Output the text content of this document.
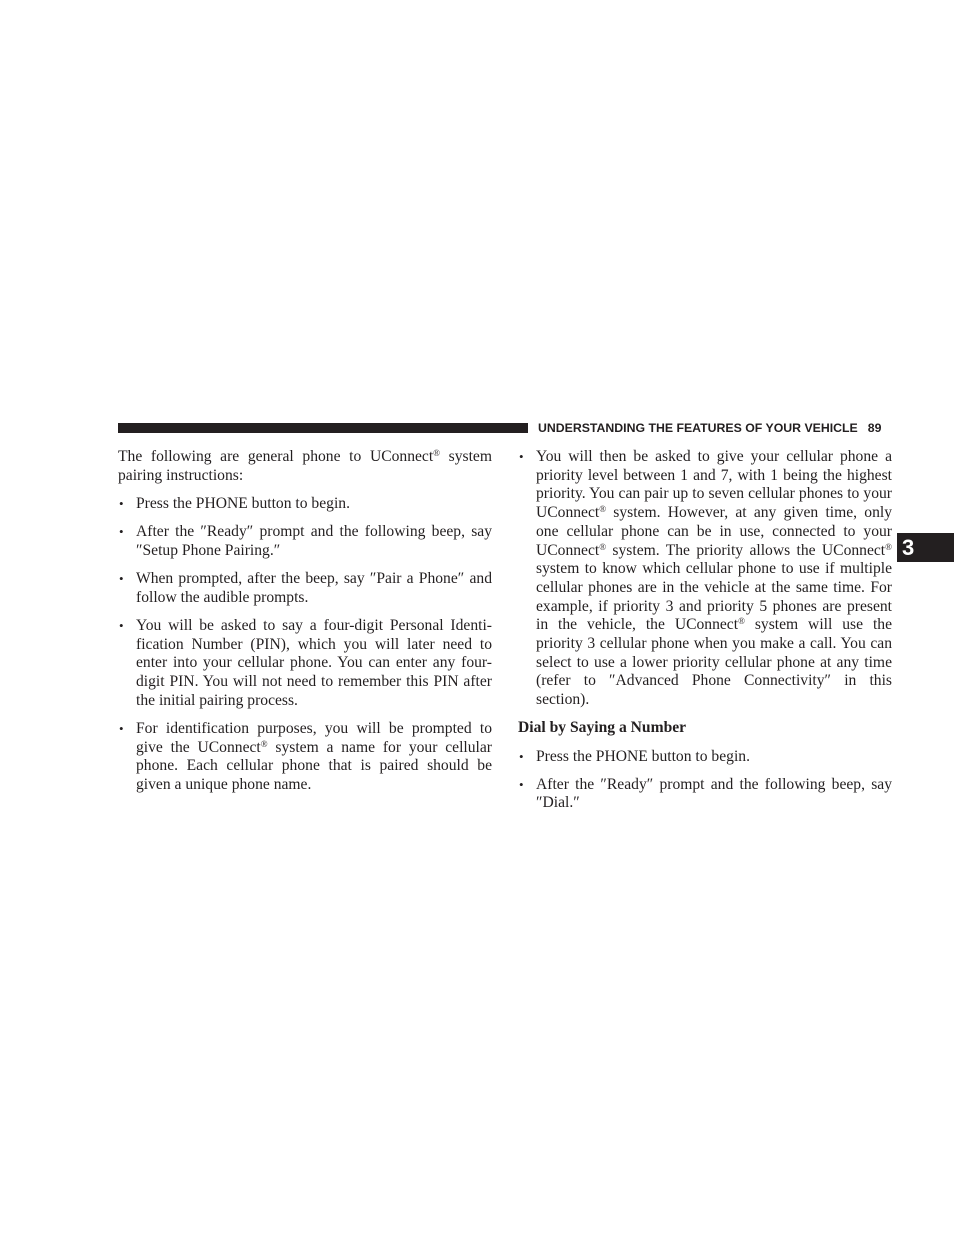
UNDERSTANDING THE FEATURES OF YOUR VEHICLE 89
3

The following are general phone to UConnect® system pairing instructions:

• Press the PHONE button to begin.
• After the ″Ready″ prompt and the following beep, say ″Setup Phone Pairing.″
• When prompted, after the beep, say ″Pair a Phone″ and follow the audible prompts.
• You will be asked to say a four-digit Personal Identi-fication Number (PIN), which you will later need to enter into your cellular phone. You can enter any four-digit PIN. You will not need to remember this PIN after the initial pairing process.
• For identification purposes, you will be prompted to give the UConnect® system a name for your cellular phone. Each cellular phone that is paired should be given a unique phone name.
• You will then be asked to give your cellular phone a priority level between 1 and 7, with 1 being the highest priority. You can pair up to seven cellular phones to your UConnect® system. However, at any given time, only one cellular phone can be in use, connected to your UConnect® system. The priority allows the UConnect® system to know which cellular phone to use if multiple cellular phones are in the vehicle at the same time. For example, if priority 3 and priority 5 phones are present in the vehicle, the UConnect® system will use the priority 3 cellular phone when you make a call. You can select to use a lower priority cellular phone at any time (refer to ″Advanced Phone Connectivity″ in this section).
Dial by Saying a Number
• Press the PHONE button to begin.
• After the ″Ready″ prompt and the following beep, say ″Dial.″
